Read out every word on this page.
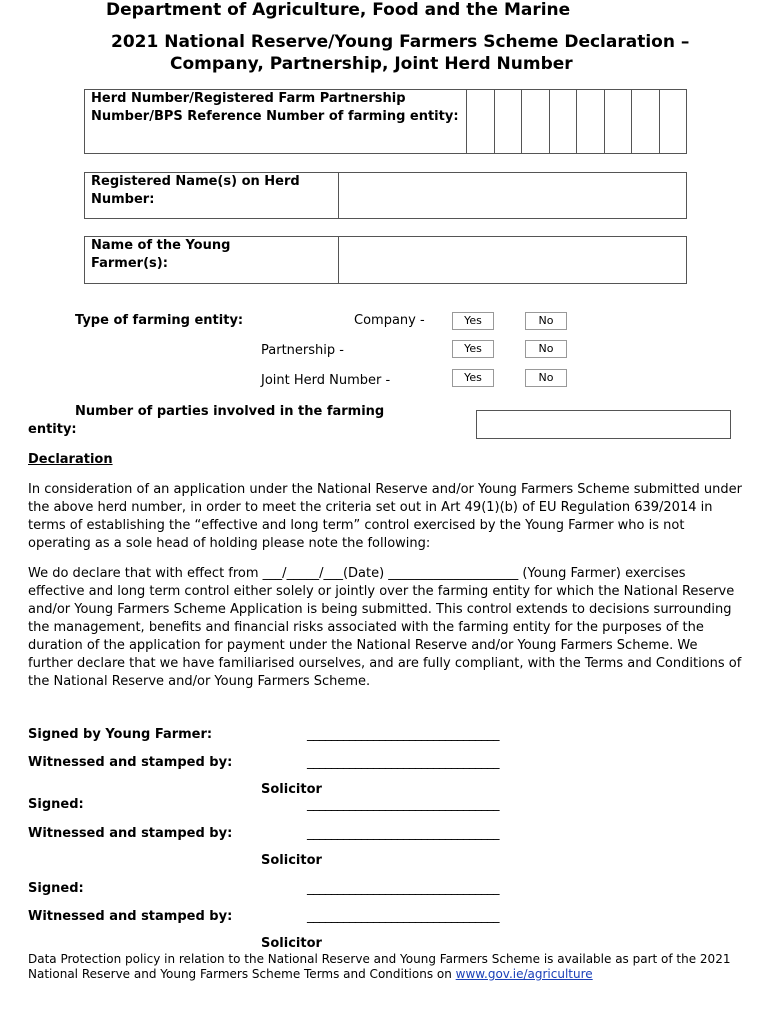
Department of Agriculture, Food and the Marine
2021 National Reserve/Young Farmers Scheme Declaration –
Company, Partnership, Joint Herd Number
Herd Number/Registered Farm Partnership Number/BPS Reference Number of farming entity:
Registered Name(s) on Herd Number:
Name of the Young Farmer(s):
Type of farming entity:	Company -	Yes	No
Partnership -	Yes	No
Joint Herd Number -	Yes	No
Number of parties involved in the farming
entity:
Declaration
In consideration of an application under the National Reserve and/or Young Farmers Scheme submitted under the above herd number, in order to meet the criteria set out in Art 49(1)(b) of EU Regulation 639/2014 in terms of establishing the “effective and long term” control exercised by the Young Farmer who is not operating as a sole head of holding please note the following:
We do declare that with effect from ___/_____/___(Date) ____________________ (Young Farmer) exercises effective and long term control either solely or jointly over the farming entity for which the National Reserve and/or Young Farmers Scheme Application is being submitted. This control extends to decisions surrounding the management, benefits and financial risks associated with the farming entity for the purposes of the duration of the application for payment under the National Reserve and/or Young Farmers Scheme. We further declare that we have familiarised ourselves, and are fully compliant, with the Terms and Conditions of the National Reserve and/or Young Farmers Scheme.
Signed by Young Farmer:	________________________________
Witnessed and stamped by:	________________________________
Solicitor
Signed:	________________________________
Witnessed and stamped by:	________________________________
Solicitor
Signed:	________________________________
Witnessed and stamped by:	________________________________
Solicitor
Data Protection policy in relation to the National Reserve and Young Farmers Scheme is available as part of the 2021 National Reserve and Young Farmers Scheme Terms and Conditions on www.gov.ie/agriculture
